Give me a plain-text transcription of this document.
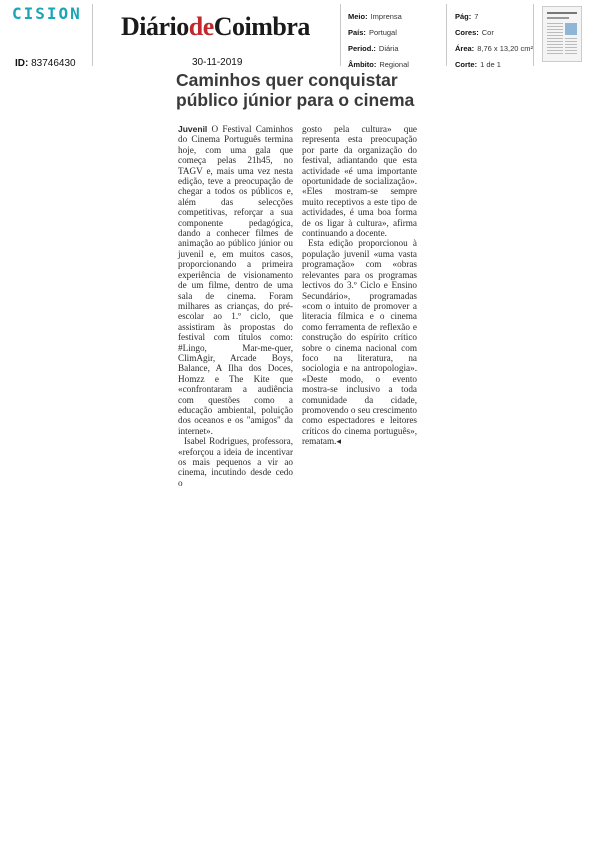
CISION
ID: 83746430
DiáriodeCoimbra
30-11-2019
Meio: Imprensa
País: Portugal
Period.: Diária
Âmbito: Regional
Pág: 7
Cores: Cor
Área: 8,76 x 13,20 cm²
Corte: 1 de 1
Caminhos quer conquistar público júnior para o cinema

Juvenil O Festival Caminhos do Cinema Português termina hoje, com uma gala que começa pelas 21h45, no TAGV e, mais uma vez nesta edição, teve a preocupação de chegar a todos os públicos e, além das selecções competitivas, reforçar a sua componente pedagógica, dando a conhecer filmes de animação ao público júnior ou juvenil e, em muitos casos, proporcionando a primeira experiência de visionamento de um filme, dentro de uma sala de cinema. Foram milhares as crianças, do pré-escolar ao 1.º ciclo, que assistiram às propostas do festival com títulos como: #Lingo, Mar-me-quer, ClimAgir, Arcade Boys, Balance, A Ilha dos Doces, Homzz e The Kite que «confrontaram a audiência com questões como a educação ambiental, poluição dos oceanos e os "amigos" da internet».

Isabel Rodrigues, professora, «reforçou a ideia de incentivar os mais pequenos a vir ao cinema, incutindo desde cedo o

gosto pela cultura» que representa esta preocupação por parte da organização do festival, adiantando que esta actividade «é uma importante oportunidade de socialização». «Eles mostram-se sempre muito receptivos a este tipo de actividades, é uma boa forma de os ligar à cultura», afirma continuando a docente.

Esta edição proporcionou à população juvenil «uma vasta programação» com «obras relevantes para os programas lectivos do 3.º Ciclo e Ensino Secundário», programadas «com o intuito de promover a literacia fílmica e o cinema como ferramenta de reflexão e construção do espírito crítico sobre o cinema nacional com foco na literatura, na sociologia e na antropologia». «Deste modo, o evento mostra-se inclusivo a toda comunidade da cidade, promovendo o seu crescimento como espectadores e leitores críticos do cinema português», rematam.◂
